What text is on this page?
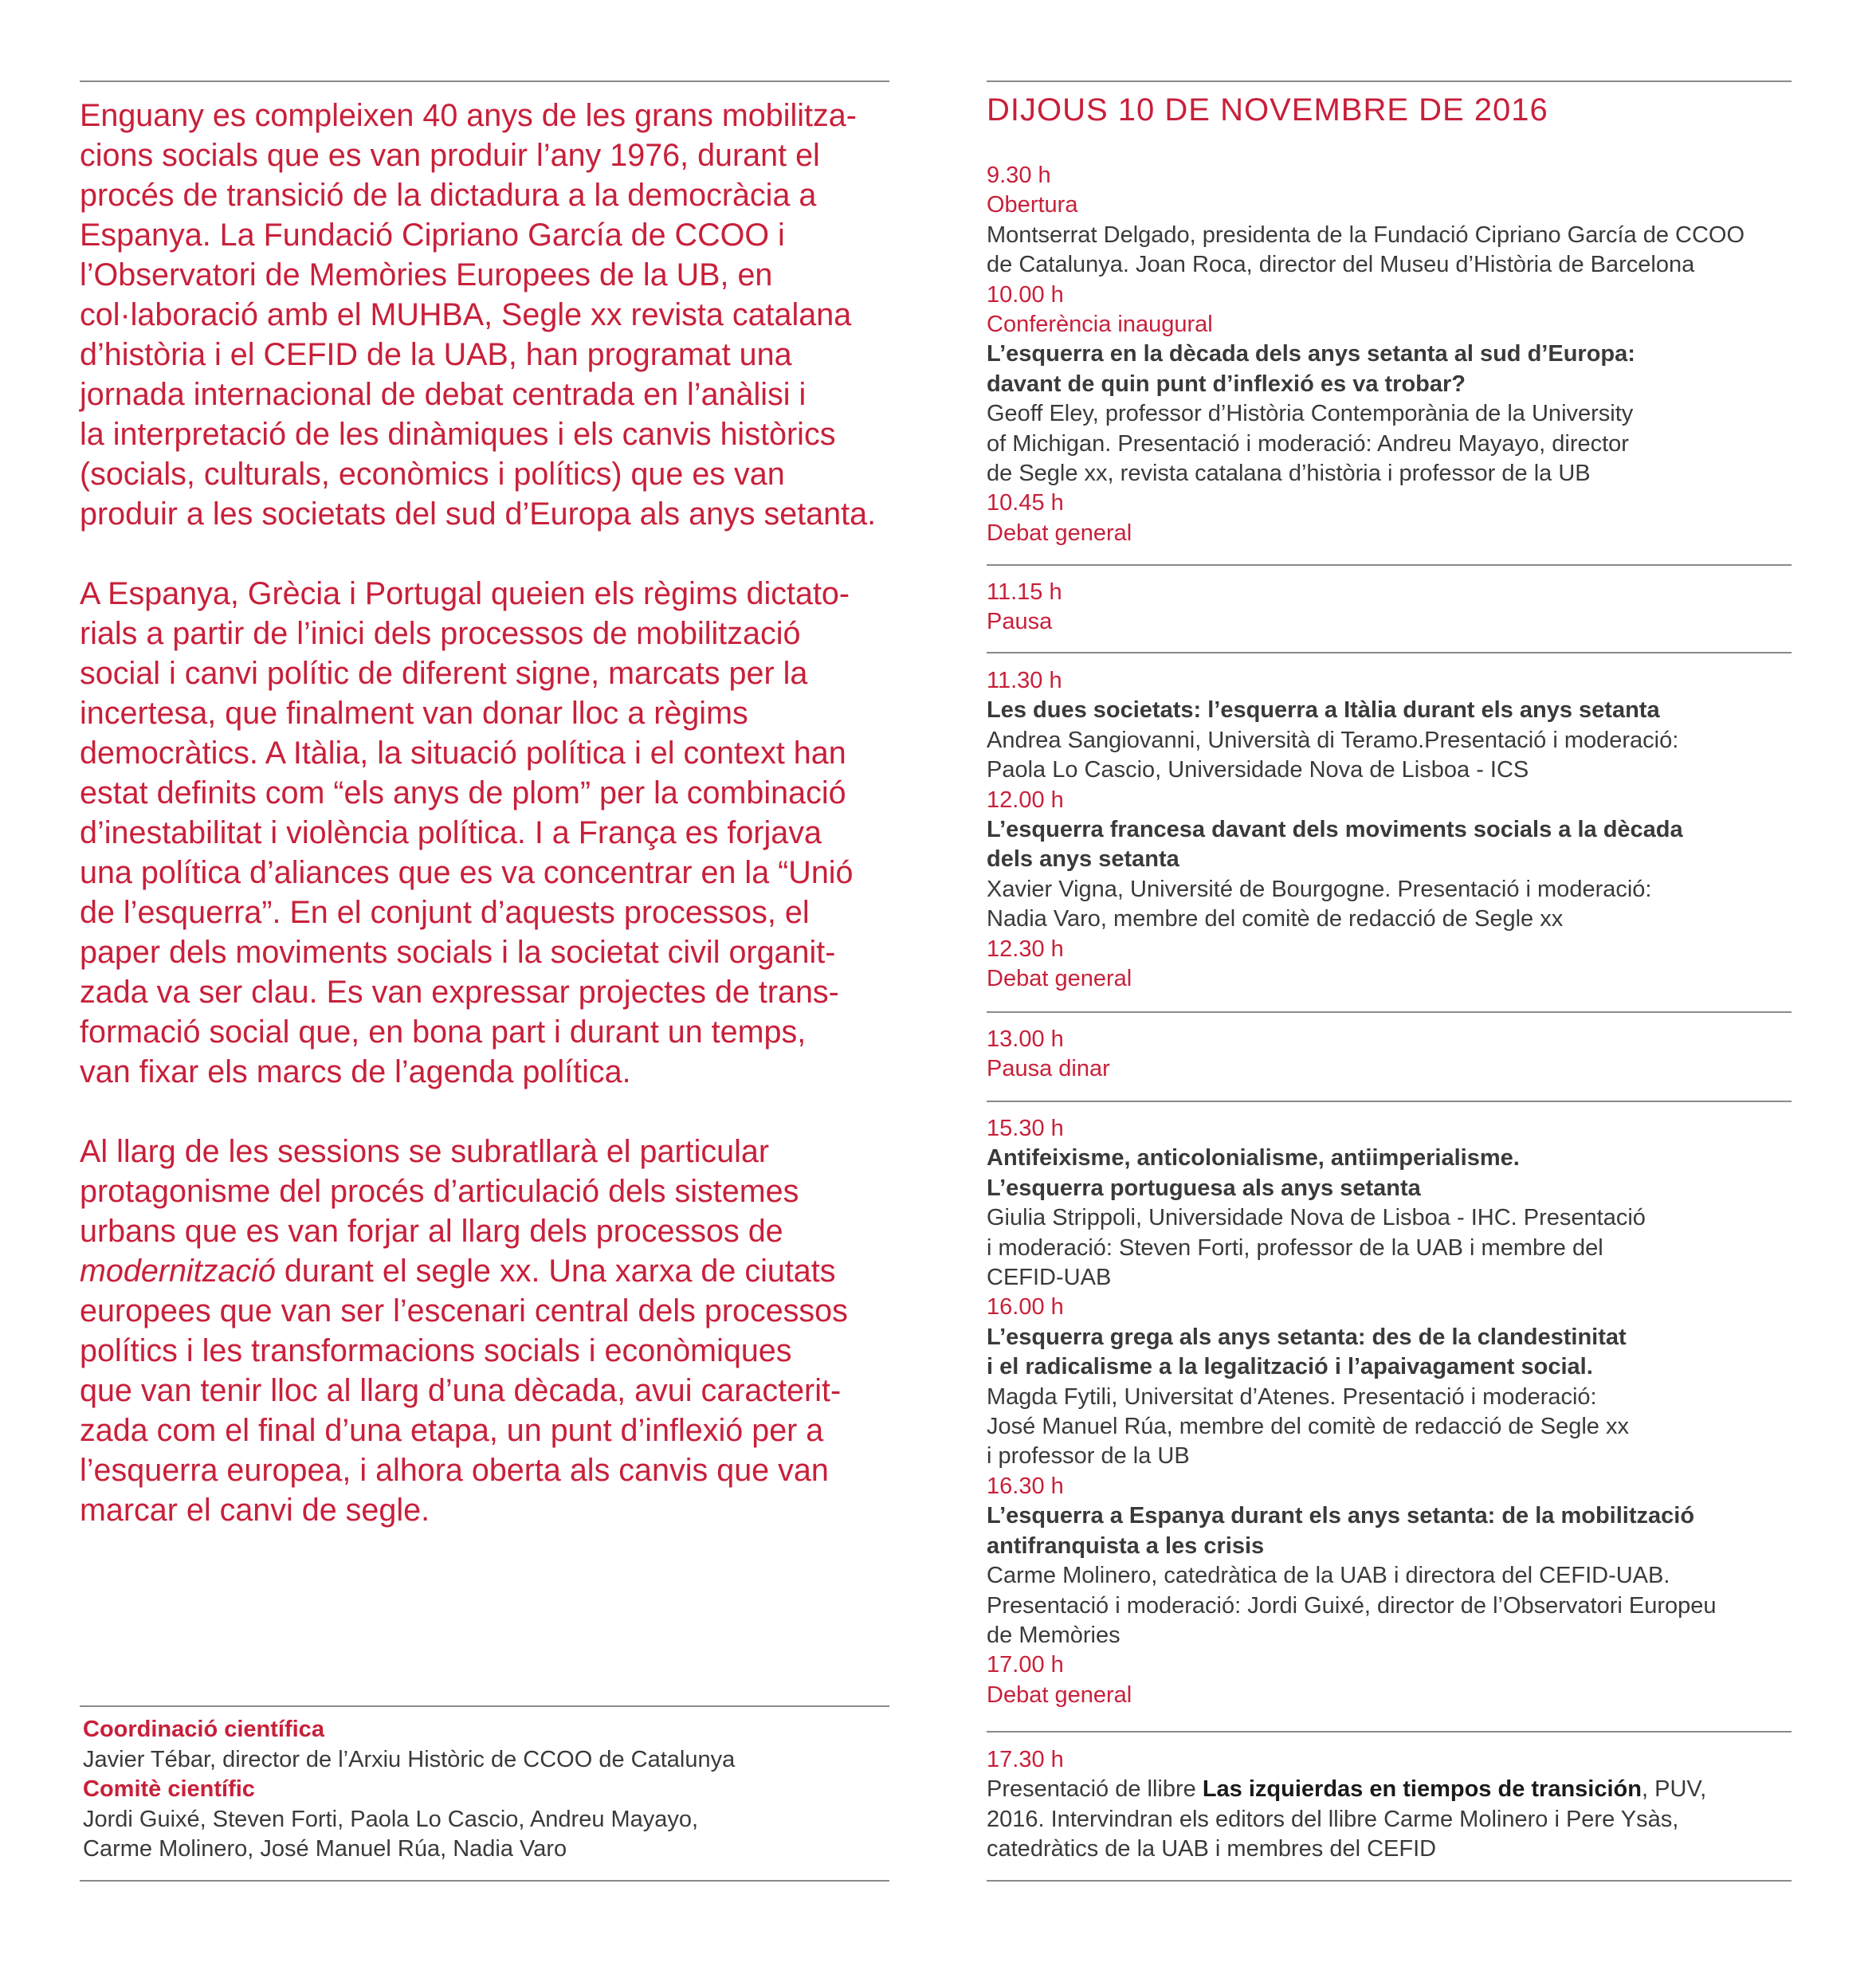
Enguany es compleixen 40 anys de les grans mobilitza-
cions socials que es van produir l’any 1976, durant el
procés de transició de la dictadura a la democràcia a
Espanya. La Fundació Cipriano García de CCOO i
l’Observatori de Memòries Europees de la UB, en
col·laboració amb el MUHBA, Segle xx revista catalana
d’història i el CEFID de la UAB, han programat una
jornada internacional de debat centrada en l’anàlisi i
la interpretació de les dinàmiques i els canvis històrics
(socials, culturals, econòmics i polítics) que es van
produir a les societats del sud d’Europa als anys setanta.

A Espanya, Grècia i Portugal queien els règims dictato-
rials a partir de l’inici dels processos de mobilització
social i canvi polític de diferent signe, marcats per la
incertesa, que finalment van donar lloc a règims
democràtics. A Itàlia, la situació política i el context han
estat definits com “els anys de plom” per la combinació
d’inestabilitat i violència política. I a França es forjava
una política d’aliances que es va concentrar en la “Unió
de l’esquerra”. En el conjunt d’aquests processos, el
paper dels moviments socials i la societat civil organit-
zada va ser clau. Es van expressar projectes de trans-
formació social que, en bona part i durant un temps,
van fixar els marcs de l’agenda política.

Al llarg de les sessions se subratllarà el particular
protagonisme del procés d’articulació dels sistemes
urbans que es van forjar al llarg dels processos de
modernització durant el segle xx. Una xarxa de ciutats
europees que van ser l’escenari central dels processos
polítics i les transformacions socials i econòmiques
que van tenir lloc al llarg d’una dècada, avui caracterit-
zada com el final d’una etapa, un punt d’inflexió per a
l’esquerra europea, i alhora oberta als canvis que van
marcar el canvi de segle.

Coordinació científica
Javier Tébar, director de l’Arxiu Històric de CCOO de Catalunya
Comitè científic
Jordi Guixé, Steven Forti, Paola Lo Cascio, Andreu Mayayo,
Carme Molinero, José Manuel Rúa, Nadia Varo
DIJOUS 10 DE NOVEMBRE DE 2016
9.30 h
Obertura
Montserrat Delgado, presidenta de la Fundació Cipriano García de CCOO
de Catalunya. Joan Roca, director del Museu d’Història de Barcelona
10.00 h
Conferència inaugural
L’esquerra en la dècada dels anys setanta al sud d’Europa:
davant de quin punt d’inflexió es va trobar?
Geoff Eley, professor d’Història Contemporània de la University
of Michigan. Presentació i moderació: Andreu Mayayo, director
de Segle xx, revista catalana d’història i professor de la UB
10.45 h
Debat general
11.15 h
Pausa
11.30 h
Les dues societats: l’esquerra a Itàlia durant els anys setanta
Andrea Sangiovanni, Università di Teramo.Presentació i moderació:
Paola Lo Cascio, Universidade Nova de Lisboa - ICS
12.00 h
L’esquerra francesa davant dels moviments socials a la dècada
dels anys setanta
Xavier Vigna, Université de Bourgogne. Presentació i moderació:
Nadia Varo, membre del comitè de redacció de Segle xx
12.30 h
Debat general
13.00 h
Pausa dinar
15.30 h
Antifeixisme, anticolonialisme, antiimperialisme.
L’esquerra portuguesa als anys setanta
Giulia Strippoli, Universidade Nova de Lisboa - IHC. Presentació
i moderació: Steven Forti, professor de la UAB i membre del
CEFID-UAB
16.00 h
L’esquerra grega als anys setanta: des de la clandestinitat
i el radicalisme a la legalització i l’apaivagament social.
Magda Fytili, Universitat d’Atenes. Presentació i moderació:
José Manuel Rúa, membre del comitè de redacció de Segle xx
i professor de la UB
16.30 h
L’esquerra a Espanya durant els anys setanta: de la mobilització
antifranquista a les crisis
Carme Molinero, catedràtica de la UAB i directora del CEFID-UAB.
Presentació i moderació: Jordi Guixé, director de l’Observatori Europeu
de Memòries
17.00 h
Debat general
17.30 h
Presentació de llibre Las izquierdas en tiempos de transición, PUV,
2016. Intervindran els editors del llibre Carme Molinero i Pere Ysàs,
catedràtics de la UAB i membres del CEFID
